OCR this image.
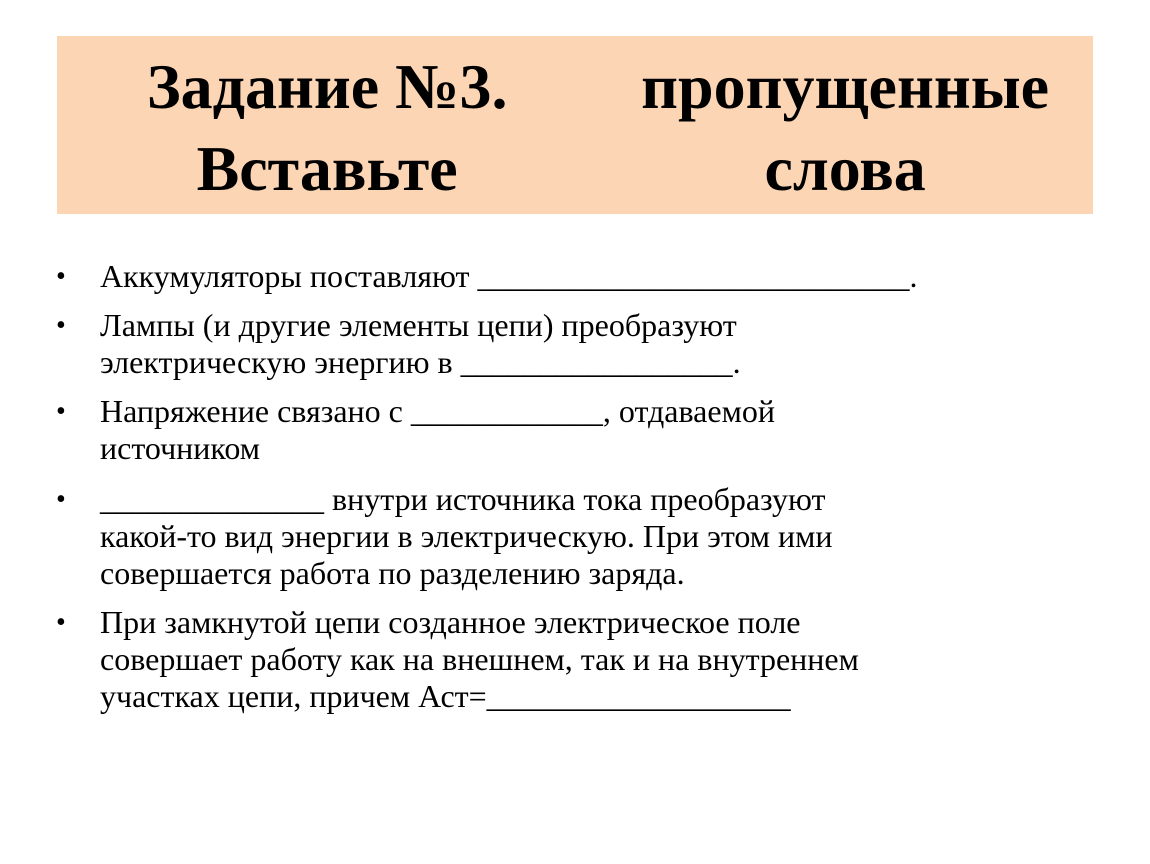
Задание №3. Вставьте
пропущенные слова
• Аккумуляторы поставляют ___________________________.
• Лампы (и другие элементы цепи) преобразуют
электрическую энергию в _________________.
• Напряжение связано с ____________, отдаваемой
источником
• ______________ внутри источника тока преобразуют
какой-то вид энергии в электрическую. При этом ими
совершается работа по разделению заряда.
• При замкнутой цепи созданное электрическое поле
совершает работу как на внешнем, так и на внутреннем
участках цепи, причем Аст=___________________
